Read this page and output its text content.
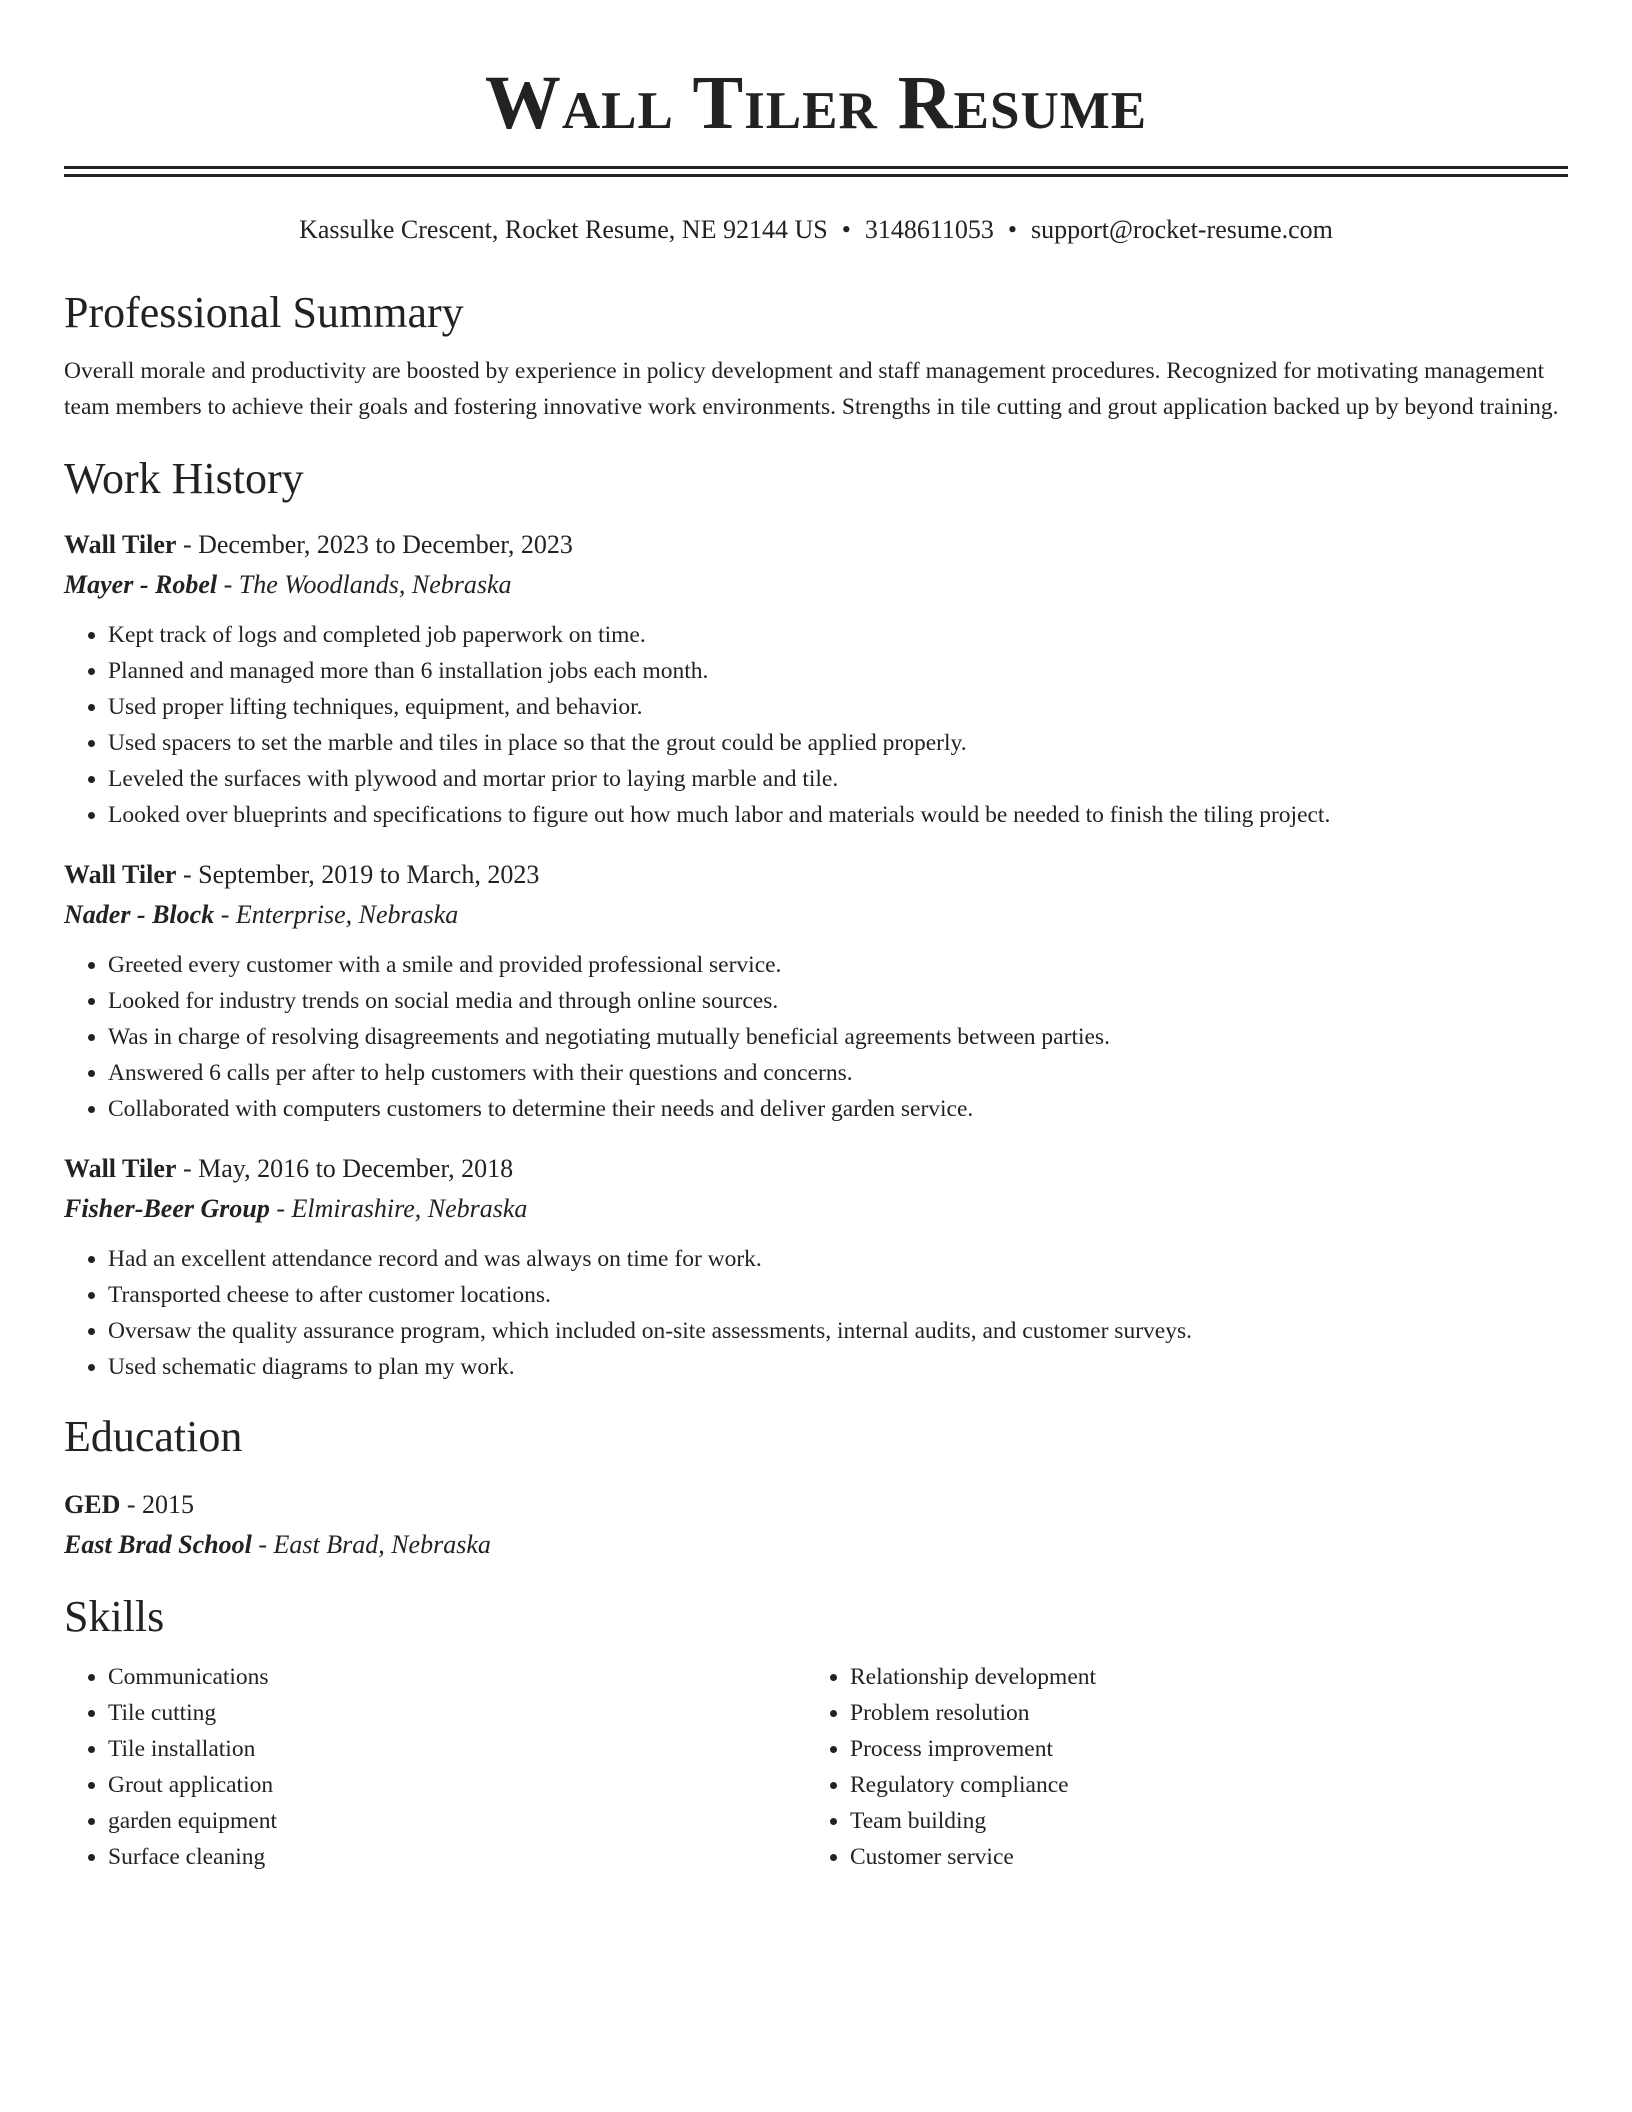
Wall Tiler Resume
Kassulke Crescent, Rocket Resume, NE 92144 US • 3148611053 • support@rocket-resume.com
Professional Summary

Overall morale and productivity are boosted by experience in policy development and staff management procedures. Recognized for motivating management team members to achieve their goals and fostering innovative work environments. Strengths in tile cutting and grout application backed up by beyond training.

Work History
Wall Tiler - December, 2023 to December, 2023
Mayer - Robel - The Woodlands, Nebraska
• Kept track of logs and completed job paperwork on time.
• Planned and managed more than 6 installation jobs each month.
• Used proper lifting techniques, equipment, and behavior.
• Used spacers to set the marble and tiles in place so that the grout could be applied properly.
• Leveled the surfaces with plywood and mortar prior to laying marble and tile.
• Looked over blueprints and specifications to figure out how much labor and materials would be needed to finish the tiling project.
Wall Tiler - September, 2019 to March, 2023
Nader - Block - Enterprise, Nebraska
• Greeted every customer with a smile and provided professional service.
• Looked for industry trends on social media and through online sources.
• Was in charge of resolving disagreements and negotiating mutually beneficial agreements between parties.
• Answered 6 calls per after to help customers with their questions and concerns.
• Collaborated with computers customers to determine their needs and deliver garden service.
Wall Tiler - May, 2016 to December, 2018
Fisher-Beer Group - Elmirashire, Nebraska
• Had an excellent attendance record and was always on time for work.
• Transported cheese to after customer locations.
• Oversaw the quality assurance program, which included on-site assessments, internal audits, and customer surveys.
• Used schematic diagrams to plan my work.
Education
GED - 2015
East Brad School - East Brad, Nebraska
Skills
• Communications
• Tile cutting
• Tile installation
• Grout application
• garden equipment
• Surface cleaning
• Relationship development
• Problem resolution
• Process improvement
• Regulatory compliance
• Team building
• Customer service
